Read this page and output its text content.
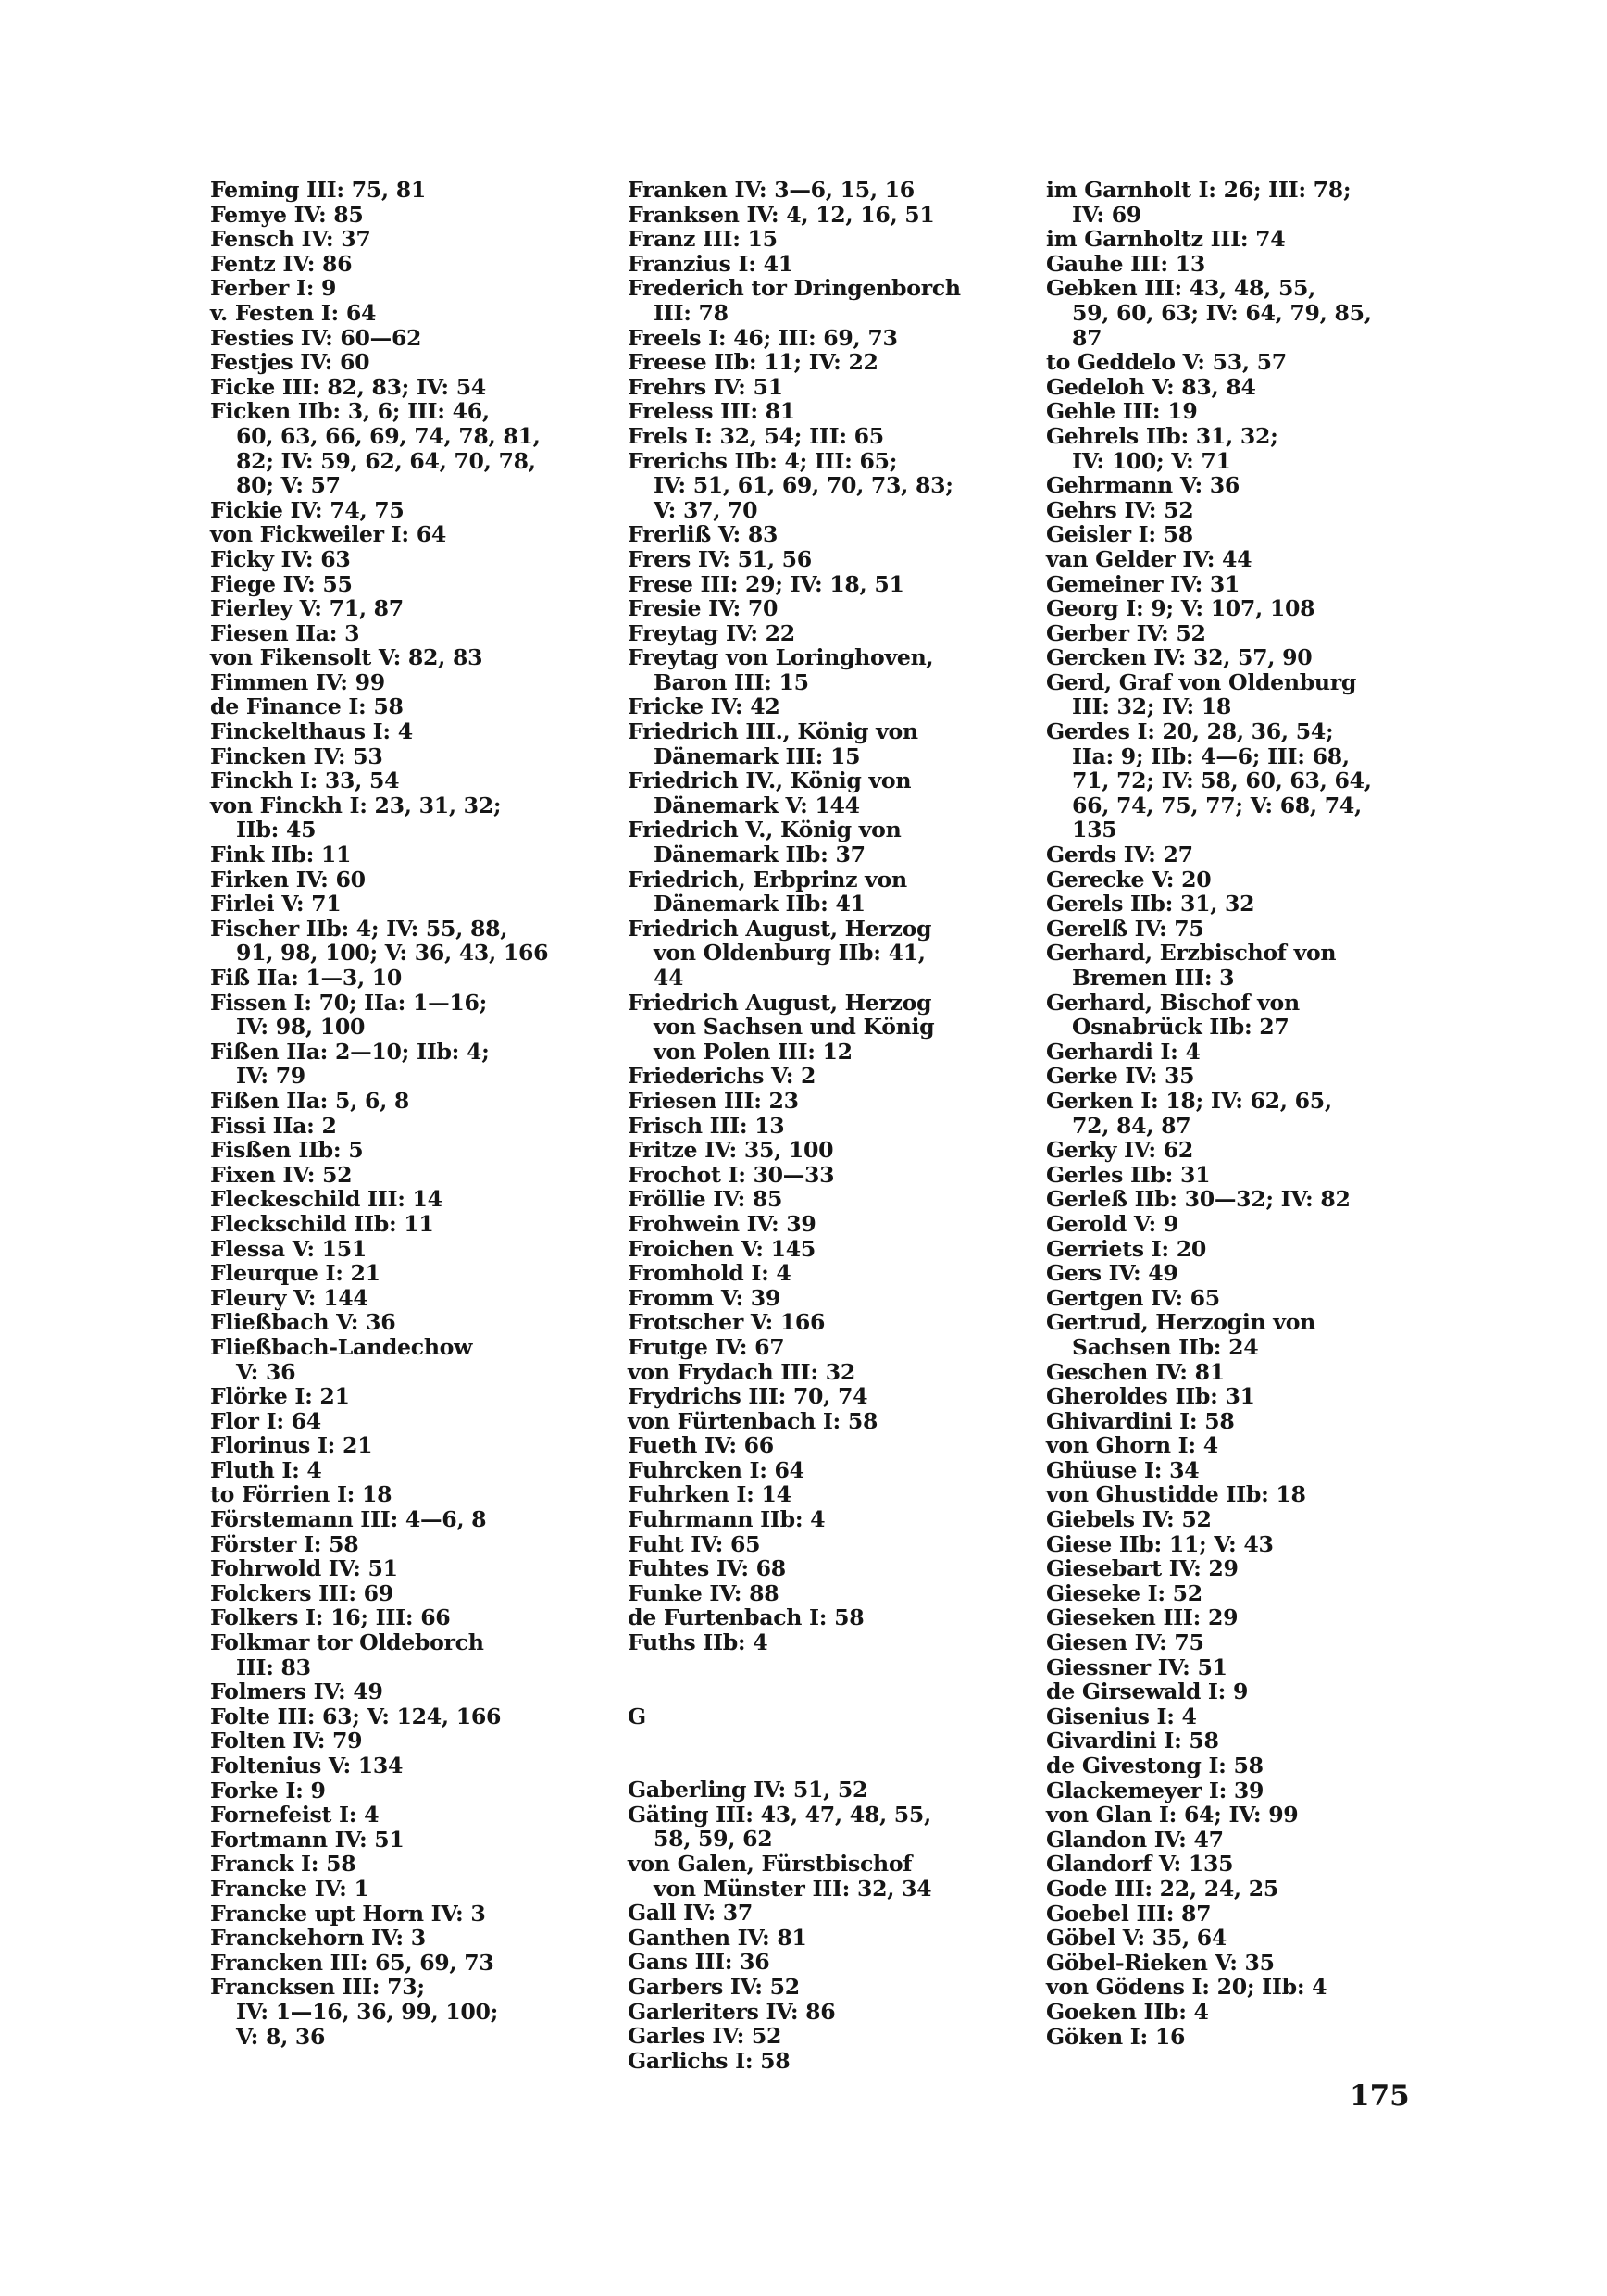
Feming III: 75, 81
Femye IV: 85
Fensch IV: 37
Fentz IV: 86
Ferber I: 9
v. Festen I: 64
Festies IV: 60—62
Festjes IV: 60
Ficke III: 82, 83; IV: 54
Ficken IIb: 3, 6; III: 46,
60, 63, 66, 69, 74, 78, 81,
82; IV: 59, 62, 64, 70, 78,
80; V: 57
Fickie IV: 74, 75
von Fickweiler I: 64
Ficky IV: 63
Fiege IV: 55
Fierley V: 71, 87
Fiesen IIa: 3
von Fikensolt V: 82, 83
Fimmen IV: 99
de Finance I: 58
Finckelthaus I: 4
Fincken IV: 53
Finckh I: 33, 54
von Finckh I: 23, 31, 32;
IIb: 45
Fink IIb: 11
Firken IV: 60
Firlei V: 71
Fischer IIb: 4; IV: 55, 88,
91, 98, 100; V: 36, 43, 166
Fiß IIa: 1—3, 10
Fissen I: 70; IIa: 1—16;
IV: 98, 100
Fißen IIa: 2—10; IIb: 4;
IV: 79
Fißen IIa: 5, 6, 8
Fissi IIa: 2
Fisßen IIb: 5
Fixen IV: 52
Fleckeschild III: 14
Fleckschild IIb: 11
Flessa V: 151
Fleurque I: 21
Fleury V: 144
Fließbach V: 36
Fließbach-Landechow
V: 36
Flörke I: 21
Flor I: 64
Florinus I: 21
Fluth I: 4
to Förrien I: 18
Förstemann III: 4—6, 8
Förster I: 58
Fohrwold IV: 51
Folckers III: 69
Folkers I: 16; III: 66
Folkmar tor Oldeborch
III: 83
Folmers IV: 49
Folte III: 63; V: 124, 166
Folten IV: 79
Foltenius V: 134
Forke I: 9
Fornefeist I: 4
Fortmann IV: 51
Franck I: 58
Francke IV: 1
Francke upt Horn IV: 3
Franckehorn IV: 3
Francken III: 65, 69, 73
Francksen III: 73;
IV: 1—16, 36, 99, 100;
V: 8, 36
Franken IV: 3—6, 15, 16
Franksen IV: 4, 12, 16, 51
Franz III: 15
Franzius I: 41
Frederich tor Dringenborch
III: 78
Freels I: 46; III: 69, 73
Freese IIb: 11; IV: 22
Frehrs IV: 51
Freless III: 81
Frels I: 32, 54; III: 65
Frerichs IIb: 4; III: 65;
IV: 51, 61, 69, 70, 73, 83;
V: 37, 70
Frerliß V: 83
Frers IV: 51, 56
Frese III: 29; IV: 18, 51
Fresie IV: 70
Freytag IV: 22
Freytag von Loringhoven,
Baron III: 15
Fricke IV: 42
Friedrich III., König von
Dänemark III: 15
Friedrich IV., König von
Dänemark V: 144
Friedrich V., König von
Dänemark IIb: 37
Friedrich, Erbprinz von
Dänemark IIb: 41
Friedrich August, Herzog
von Oldenburg IIb: 41,
44
Friedrich August, Herzog
von Sachsen und König
von Polen III: 12
Friederichs V: 2
Friesen III: 23
Frisch III: 13
Fritze IV: 35, 100
Frochot I: 30—33
Fröllie IV: 85
Frohwein IV: 39
Froichen V: 145
Fromhold I: 4
Fromm V: 39
Frotscher V: 166
Frutge IV: 67
von Frydach III: 32
Frydrichs III: 70, 74
von Fürtenbach I: 58
Fueth IV: 66
Fuhrcken I: 64
Fuhrken I: 14
Fuhrmann IIb: 4
Fuht IV: 65
Fuhtes IV: 68
Funke IV: 88
de Furtenbach I: 58
Fuths IIb: 4
G
Gaberling IV: 51, 52
Gäting III: 43, 47, 48, 55,
58, 59, 62
von Galen, Fürstbischof
von Münster III: 32, 34
Gall IV: 37
Ganthen IV: 81
Gans III: 36
Garbers IV: 52
Garleriters IV: 86
Garles IV: 52
Garlichs I: 58
im Garnholt I: 26; III: 78;
IV: 69
im Garnholtz III: 74
Gauhe III: 13
Gebken III: 43, 48, 55,
59, 60, 63; IV: 64, 79, 85,
87
to Geddelo V: 53, 57
Gedeloh V: 83, 84
Gehle III: 19
Gehrels IIb: 31, 32;
IV: 100; V: 71
Gehrmann V: 36
Gehrs IV: 52
Geisler I: 58
van Gelder IV: 44
Gemeiner IV: 31
Georg I: 9; V: 107, 108
Gerber IV: 52
Gercken IV: 32, 57, 90
Gerd, Graf von Oldenburg
III: 32; IV: 18
Gerdes I: 20, 28, 36, 54;
IIa: 9; IIb: 4—6; III: 68,
71, 72; IV: 58, 60, 63, 64,
66, 74, 75, 77; V: 68, 74,
135
Gerds IV: 27
Gerecke V: 20
Gerels IIb: 31, 32
Gerelß IV: 75
Gerhard, Erzbischof von
Bremen III: 3
Gerhard, Bischof von
Osnabrück IIb: 27
Gerhardi I: 4
Gerke IV: 35
Gerken I: 18; IV: 62, 65,
72, 84, 87
Gerky IV: 62
Gerles IIb: 31
Gerleß IIb: 30—32; IV: 82
Gerold V: 9
Gerriets I: 20
Gers IV: 49
Gertgen IV: 65
Gertrud, Herzogin von
Sachsen IIb: 24
Geschen IV: 81
Gheroldes IIb: 31
Ghivardini I: 58
von Ghorn I: 4
Ghüuse I: 34
von Ghustidde IIb: 18
Giebels IV: 52
Giese IIb: 11; V: 43
Giesebart IV: 29
Gieseke I: 52
Gieseken III: 29
Giesen IV: 75
Giessner IV: 51
de Girsewald I: 9
Gisenius I: 4
Givardini I: 58
de Givestong I: 58
Glackemeyer I: 39
von Glan I: 64; IV: 99
Glandon IV: 47
Glandorf V: 135
Gode III: 22, 24, 25
Goebel III: 87
Göbel V: 35, 64
Göbel-Rieken V: 35
von Gödens I: 20; IIb: 4
Goeken IIb: 4
Göken I: 16
175
